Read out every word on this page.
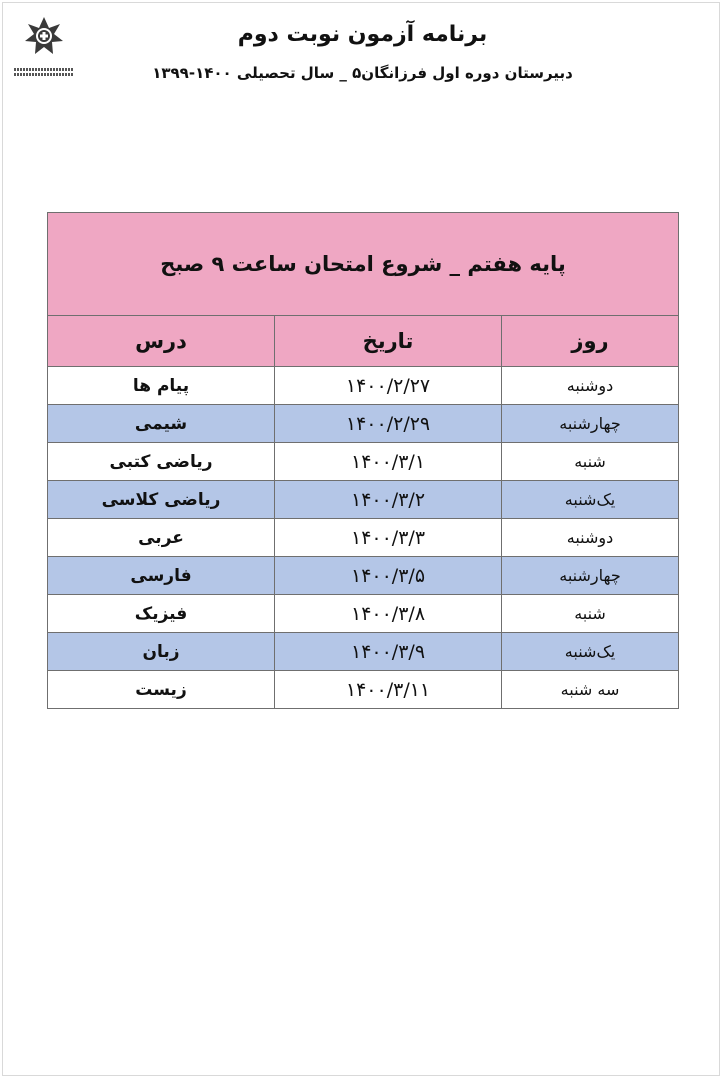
برنامه آزمون نوبت دوم
دبیرستان دوره اول فرزانگان۵ _ سال تحصیلی ۱۴۰۰-۱۳۹۹
پایه هفتم _ شروع امتحان ساعت ۹ صبح		
روز	تاریخ	درس
دوشنبه	۱۴۰۰/۲/۲۷	پیام ها
چهارشنبه	۱۴۰۰/۲/۲۹	شیمی
شنبه	۱۴۰۰/۳/۱	ریاضی کتبی
یک‌شنبه	۱۴۰۰/۳/۲	ریاضی کلاسی
دوشنبه	۱۴۰۰/۳/۳	عربی
چهارشنبه	۱۴۰۰/۳/۵	فارسی
شنبه	۱۴۰۰/۳/۸	فیزیک
یک‌شنبه	۱۴۰۰/۳/۹	زبان
سه شنبه	۱۴۰۰/۳/۱۱	زیست
